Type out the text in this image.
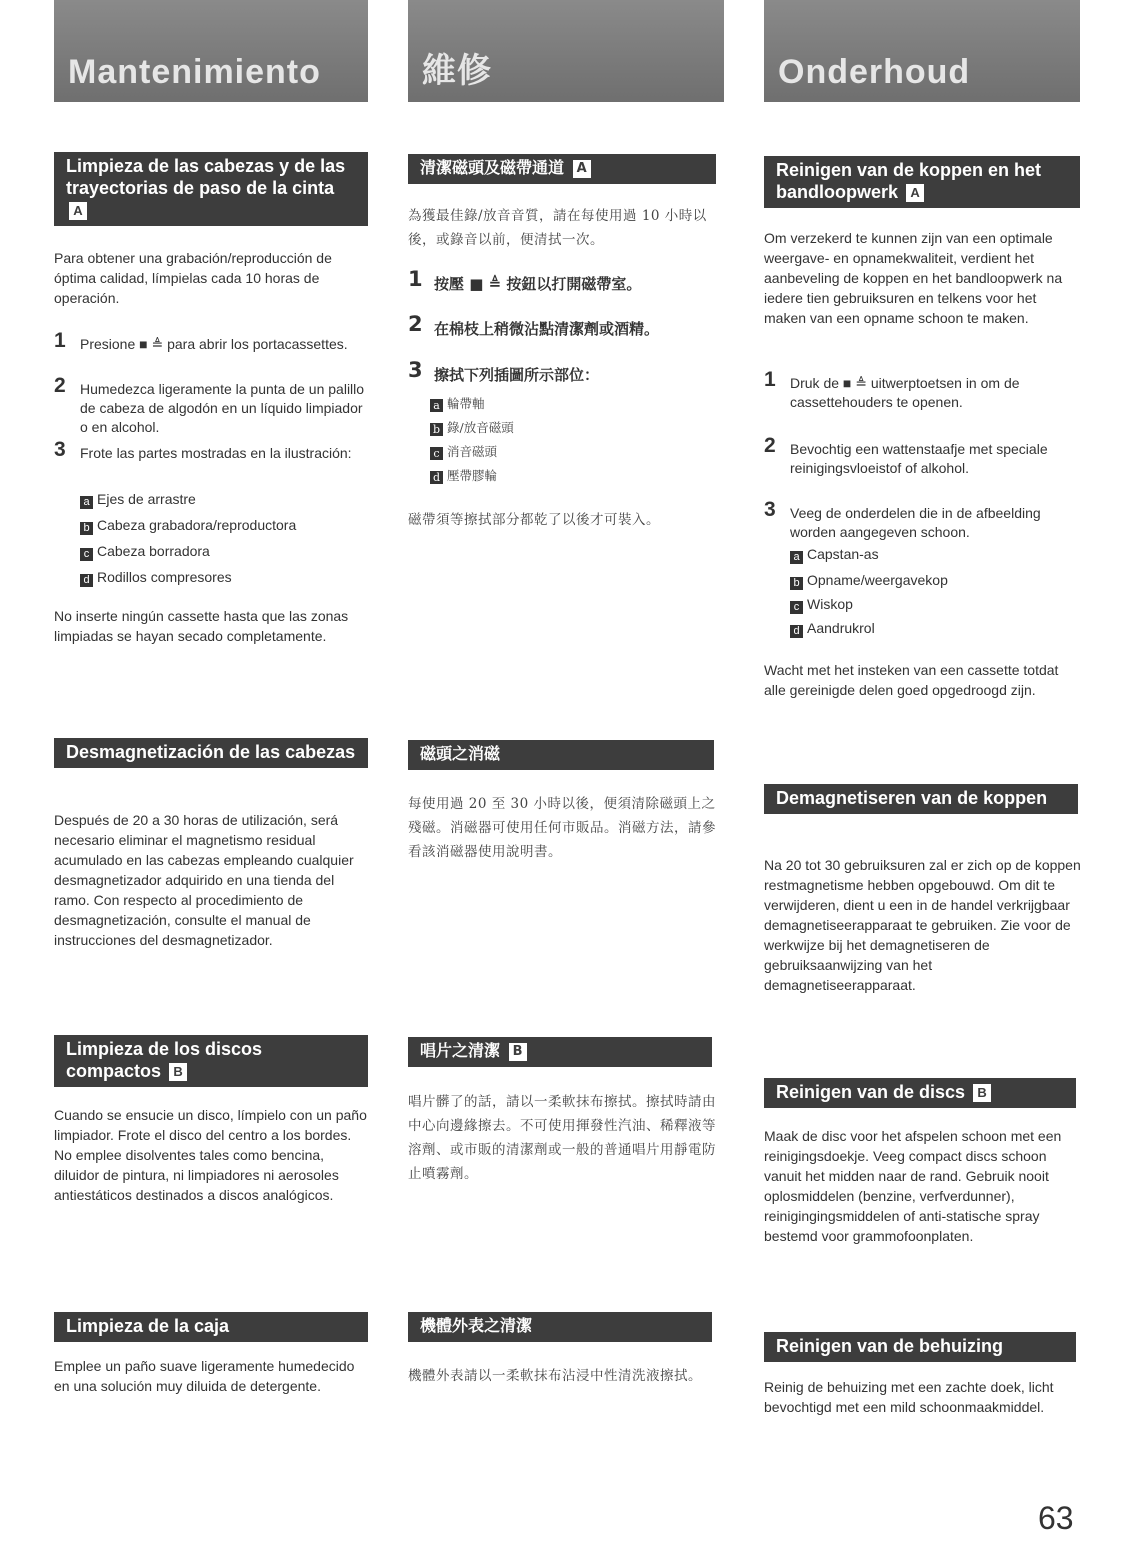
Mantenimiento
Limpieza de las cabezas y de las trayectorias de paso de la cinta A
Para obtener una grabación/reproducción de óptima calidad, límpielas cada 10 horas de operación.
1 Presione ■ ≜ para abrir los portacassettes.
2 Humedezca ligeramente la punta de un palillo de cabeza de algodón en un líquido limpiador o en alcohol.
3 Frote las partes mostradas en la ilustración:
a Ejes de arrastre
b Cabeza grabadora/reproductora
c Cabeza borradora
d Rodillos compresores
No inserte ningún cassette hasta que las zonas limpiadas se hayan secado completamente.
Desmagnetización de las cabezas
Después de 20 a 30 horas de utilización, será necesario eliminar el magnetismo residual acumulado en las cabezas empleando cualquier desmagnetizador adquirido en una tienda del ramo. Con respecto al procedimiento de desmagnetización, consulte el manual de instrucciones del desmagnetizador.
Limpieza de los discos compactos B
Cuando se ensucie un disco, límpielo con un paño limpiador. Frote el disco del centro a los bordes. No emplee disolventes tales como bencina, diluidor de pintura, ni limpiadores ni aerosoles antiestáticos destinados a discos analógicos.
Limpieza de la caja
Emplee un paño suave ligeramente humedecido en una solución muy diluida de detergente.
維修
清潔磁頭及磁帶通道 A
為獲最佳錄/放音音質，請在每使用過 10 小時以後，或錄音以前，便清拭一次。
1 按壓 ■ ≜ 按鈕以打開磁帶室。
2 在棉枝上稍微沾點清潔劑或酒精。
3 擦拭下列插圖所示部位：
a 輪帶軸
b 錄/放音磁頭
c 消音磁頭
d 壓帶膠輪
磁帶須等擦拭部分都乾了以後才可裝入。
磁頭之消磁
每使用過 20 至 30 小時以後，便須清除磁頭上之殘磁。消磁器可使用任何市販品。消磁方法，請參看該消磁器使用說明書。
唱片之清潔 B
唱片髒了的話，請以一柔軟抹布擦拭。擦拭時請由中心向邊緣擦去。不可使用揮發性汽油、稀釋液等溶劑、或市販的清潔劑或一般的普通唱片用靜電防止噴霧劑。
機體外表之清潔
機體外表請以一柔軟抹布沾浸中性清洗液擦拭。
Onderhoud
Reinigen van de koppen en het bandloopwerk A
Om verzekerd te kunnen zijn van een optimale weergave- en opnamekwaliteit, verdient het aanbeveling de koppen en het bandloopwerk na iedere tien gebruiksuren en telkens voor het maken van een opname schoon te maken.
1 Druk de ■ ≜ uitwerptoetsen in om de cassettehouders te openen.
2 Bevochtig een wattenstaafje met speciale reinigingsvloeistof of alkohol.
3 Veeg de onderdelen die in de afbeelding worden aangegeven schoon.
a Capstan-as
b Opname/weergavekop
c Wiskop
d Aandrukrol
Wacht met het insteken van een cassette totdat alle gereinigde delen goed opgedroogd zijn.
Demagnetiseren van de koppen
Na 20 tot 30 gebruiksuren zal er zich op de koppen restmagnetisme hebben opgebouwd. Om dit te verwijderen, dient u een in de handel verkrijgbaar demagnetiseerapparaat te gebruiken. Zie voor de werkwijze bij het demagnetiseren de gebruiksaanwijzing van het demagnetiseerapparaat.
Reinigen van de discs B
Maak de disc voor het afspelen schoon met een reinigingsdoekje. Veeg compact discs schoon vanuit het midden naar de rand. Gebruik nooit oplosmiddelen (benzine, verfverdunner), reinigingingsmiddelen of anti-statische spray bestemd voor grammofoonplaten.
Reinigen van de behuizing
Reinig de behuizing met een zachte doek, licht bevochtigd met een mild schoonmaakmiddel.
63
